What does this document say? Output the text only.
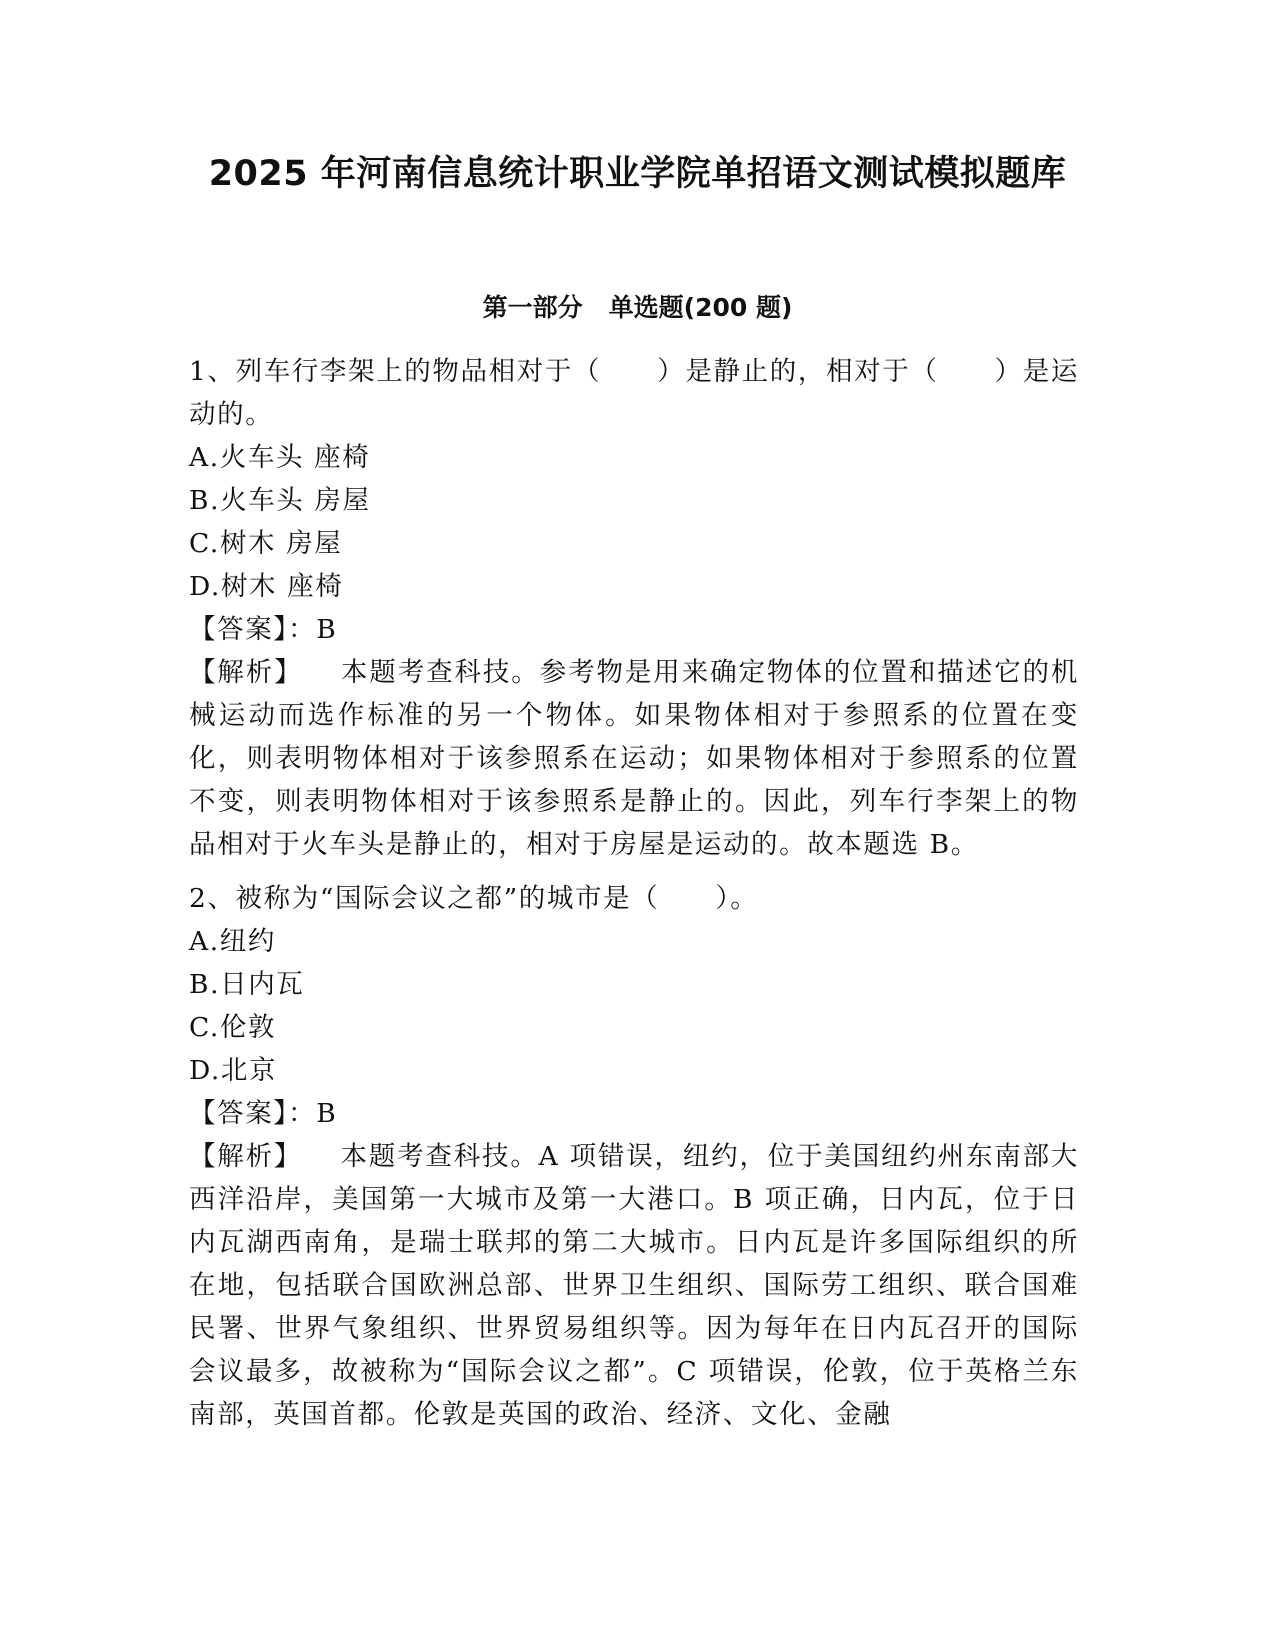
2025 年河南信息统计职业学院单招语文测试模拟题库
第一部分   单选题(200 题)

1、列车行李架上的物品相对于（　　）是静止的，相对于（　　）是运动的。

A.火车头 座椅

B.火车头 房屋

C.树木 房屋

D.树木 座椅

【答案】：B

【解析】 本题考查科技。参考物是用来确定物体的位置和描述它的机械运动而选作标准的另一个物体。如果物体相对于参照系的位置在变化，则表明物体相对于该参照系在运动；如果物体相对于参照系的位置不变，则表明物体相对于该参照系是静止的。因此，列车行李架上的物品相对于火车头是静止的，相对于房屋是运动的。故本题选 B。

2、被称为“国际会议之都”的城市是（　　）。

A.纽约

B.日内瓦

C.伦敦

D.北京

【答案】：B

【解析】 本题考查科技。A 项错误，纽约，位于美国纽约州东南部大西洋沿岸，美国第一大城市及第一大港口。B 项正确，日内瓦，位于日内瓦湖西南角，是瑞士联邦的第二大城市。日内瓦是许多国际组织的所在地，包括联合国欧洲总部、世界卫生组织、国际劳工组织、联合国难民署、世界气象组织、世界贸易组织等。因为每年在日内瓦召开的国际会议最多，故被称为“国际会议之都”。C 项错误，伦敦，位于英格兰东南部，英国首都。伦敦是英国的政治、经济、文化、金融
